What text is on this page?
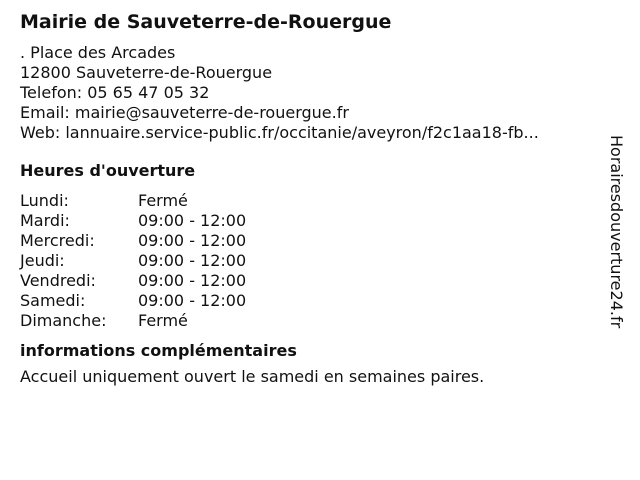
Mairie de Sauveterre-de-Rouergue
. Place des Arcades
12800 Sauveterre-de-Rouergue
Telefon: 05 65 47 05 32
Email: mairie@sauveterre-de-rouergue.fr
Web: lannuaire.service-public.fr/occitanie/aveyron/f2c1aa18-fb...
Heures d'ouverture
Lundi:	Fermé
Mardi:	09:00 - 12:00
Mercredi:	09:00 - 12:00
Jeudi:	09:00 - 12:00
Vendredi:	09:00 - 12:00
Samedi:	09:00 - 12:00
Dimanche: Fermé
informations complémentaires
Accueil uniquement ouvert le samedi en semaines paires.
Horairesdouverture24.fr
